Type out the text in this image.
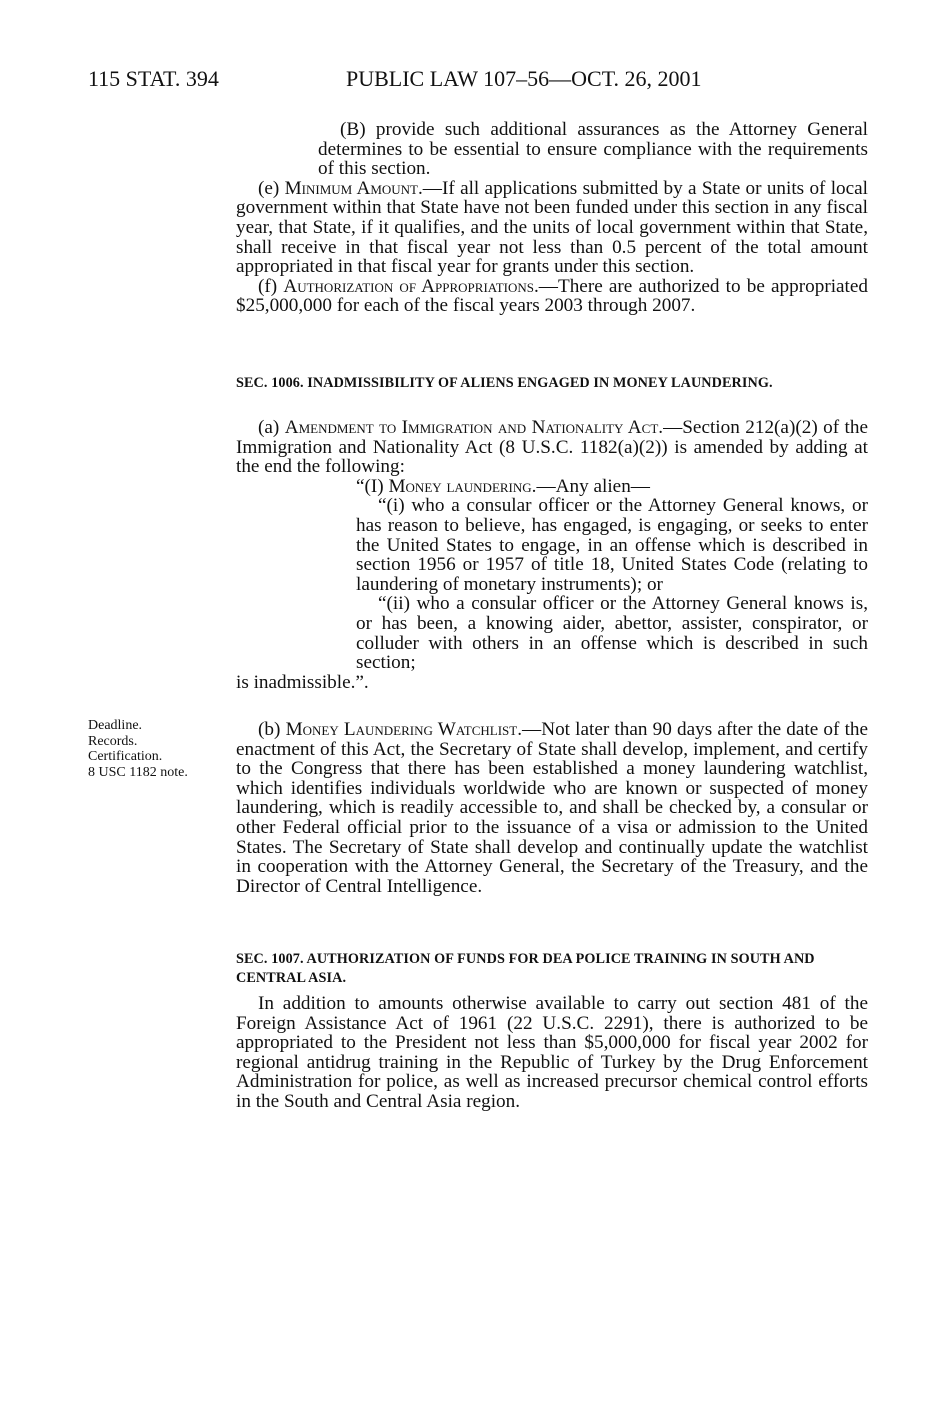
115 STAT. 394	PUBLIC LAW 107–56—OCT. 26, 2001

(B) provide such additional assurances as the Attorney General determines to be essential to ensure compliance with the requirements of this section.

(e) Minimum Amount.—If all applications submitted by a State or units of local government within that State have not been funded under this section in any fiscal year, that State, if it qualifies, and the units of local government within that State, shall receive in that fiscal year not less than 0.5 percent of the total amount appropriated in that fiscal year for grants under this section.

(f) Authorization of Appropriations.—There are authorized to be appropriated $25,000,000 for each of the fiscal years 2003 through 2007.

SEC. 1006. INADMISSIBILITY OF ALIENS ENGAGED IN MONEY LAUNDERING.

(a) Amendment to Immigration and Nationality Act.—Section 212(a)(2) of the Immigration and Nationality Act (8 U.S.C. 1182(a)(2)) is amended by adding at the end the following:

“(I) Money laundering.—Any alien—

“(i) who a consular officer or the Attorney General knows, or has reason to believe, has engaged, is engaging, or seeks to enter the United States to engage, in an offense which is described in section 1956 or 1957 of title 18, United States Code (relating to laundering of monetary instruments); or

“(ii) who a consular officer or the Attorney General knows is, or has been, a knowing aider, abettor, assister, conspirator, or colluder with others in an offense which is described in such section;

is inadmissible.”.

Deadline.
Records.
Certification.
8 USC 1182 note.

(b) Money Laundering Watchlist.—Not later than 90 days after the date of the enactment of this Act, the Secretary of State shall develop, implement, and certify to the Congress that there has been established a money laundering watchlist, which identifies individuals worldwide who are known or suspected of money laundering, which is readily accessible to, and shall be checked by, a consular or other Federal official prior to the issuance of a visa or admission to the United States. The Secretary of State shall develop and continually update the watchlist in cooperation with the Attorney General, the Secretary of the Treasury, and the Director of Central Intelligence.

SEC. 1007. AUTHORIZATION OF FUNDS FOR DEA POLICE TRAINING IN SOUTH AND CENTRAL ASIA.

In addition to amounts otherwise available to carry out section 481 of the Foreign Assistance Act of 1961 (22 U.S.C. 2291), there is authorized to be appropriated to the President not less than $5,000,000 for fiscal year 2002 for regional antidrug training in the Republic of Turkey by the Drug Enforcement Administration for police, as well as increased precursor chemical control efforts in the South and Central Asia region.
